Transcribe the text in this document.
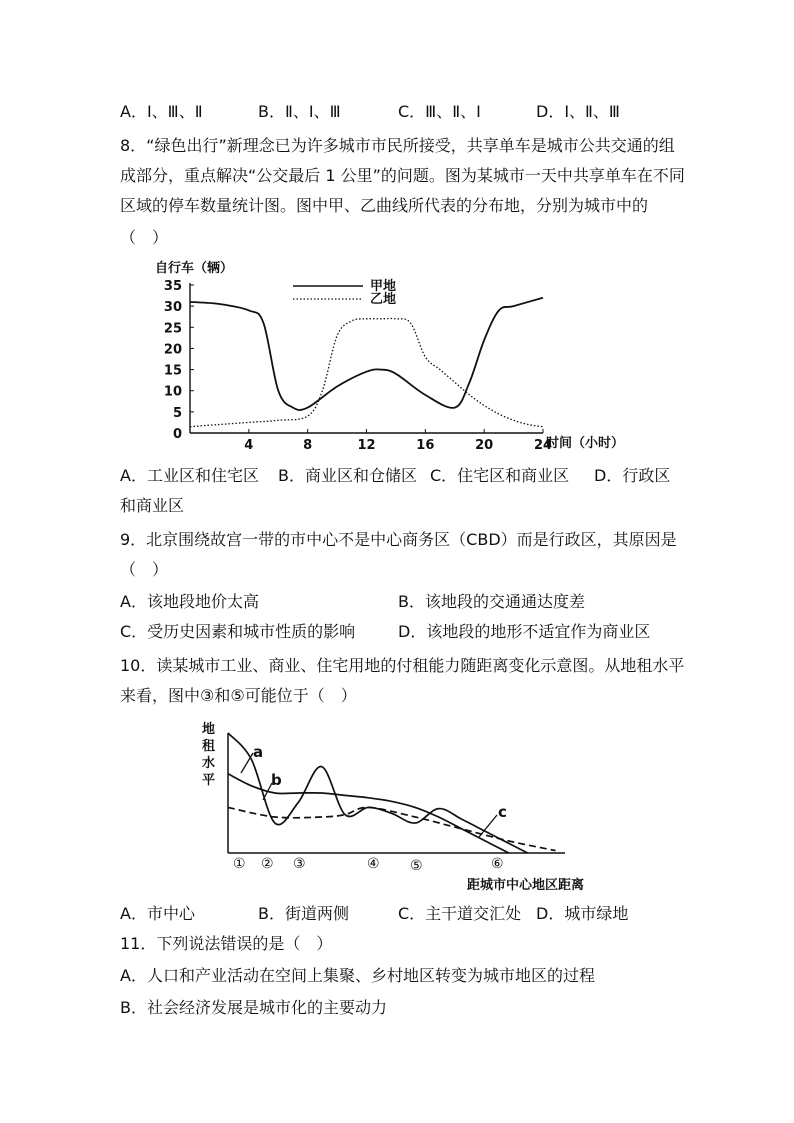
A．Ⅰ、Ⅲ、Ⅱ	B．Ⅱ、Ⅰ、Ⅲ	C．Ⅲ、Ⅱ、Ⅰ	D．Ⅰ、Ⅱ、Ⅲ
8．“绿色出行”新理念已为许多城市市民所接受，共享单车是城市公共交通的组
成部分，重点解决“公交最后 1 公里”的问题。图为某城市一天中共享单车在不同
区域的停车数量统计图。图中甲、乙曲线所代表的分布地，分别为城市中的
（　）
自行车（辆）
0
5
10
15
20
25
30
35
4	8	12	16	20	24
甲地
乙地
时间（小时）
A．工业区和住宅区 B．商业区和仓储区 C．住宅区和商业区 D．行政区
和商业区
9．北京围绕故宫一带的市中心不是中心商务区（CBD）而是行政区，其原因是
（　）
A．该地段地价太高	B．该地段的交通通达度差
C．受历史因素和城市性质的影响	D．该地段的地形不适宜作为商业区
10．读某城市工业、商业、住宅用地的付租能力随距离变化示意图。从地租水平
来看，图中③和⑤可能位于（　）
地
租
水
平
a
b
c
① ② ③	④ ⑤	⑥
距城市中心地区距离
A．市中心	B．街道两侧	C．主干道交汇处 D．城市绿地
11．下列说法错误的是（　）
A．人口和产业活动在空间上集聚、乡村地区转变为城市地区的过程
B．社会经济发展是城市化的主要动力
